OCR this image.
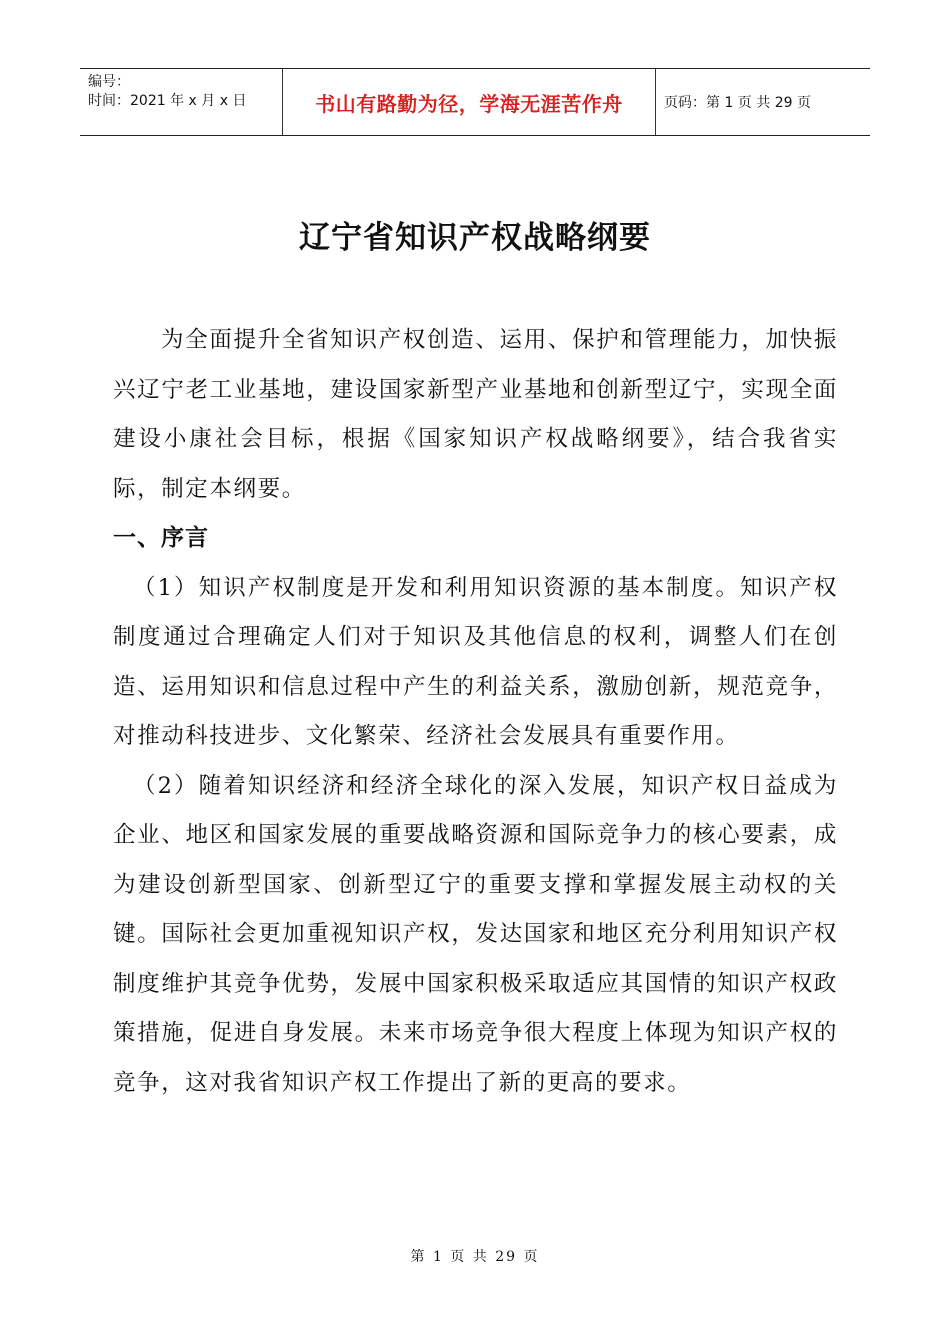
编号：
时间：2021 年 x 月 x 日	书山有路勤为径，学海无涯苦作舟	页码：第 1 页 共 29 页
辽宁省知识产权战略纲要

为全面提升全省知识产权创造、运用、保护和管理能力，加快振兴辽宁老工业基地，建设国家新型产业基地和创新型辽宁，实现全面建设小康社会目标，根据《国家知识产权战略纲要》，结合我省实际，制定本纲要。

一、序言

（1）知识产权制度是开发和利用知识资源的基本制度。知识产权制度通过合理确定人们对于知识及其他信息的权利，调整人们在创造、运用知识和信息过程中产生的利益关系，激励创新，规范竞争，对推动科技进步、文化繁荣、经济社会发展具有重要作用。

（2）随着知识经济和经济全球化的深入发展，知识产权日益成为企业、地区和国家发展的重要战略资源和国际竞争力的核心要素，成为建设创新型国家、创新型辽宁的重要支撑和掌握发展主动权的关键。国际社会更加重视知识产权，发达国家和地区充分利用知识产权制度维护其竞争优势，发展中国家积极采取适应其国情的知识产权政策措施，促进自身发展。未来市场竞争很大程度上体现为知识产权的竞争，这对我省知识产权工作提出了新的更高的要求。

第 1 页 共 29 页
